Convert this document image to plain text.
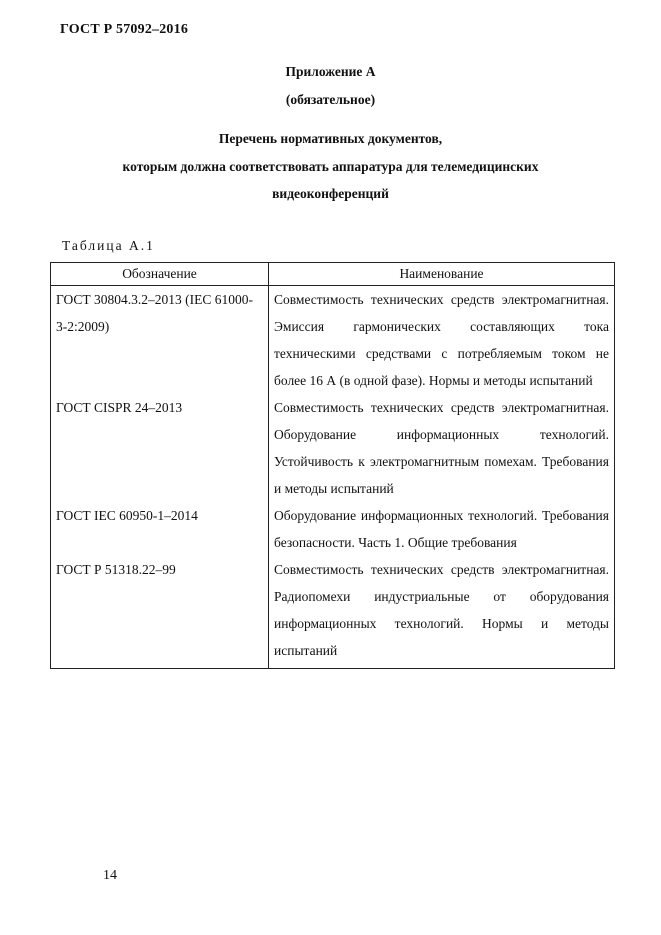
ГОСТ Р 57092–2016
Приложение А
(обязательное)
Перечень нормативных документов,
которым должна соответствовать аппаратура для телемедицинских
видеоконференций
Таблица А.1
Обозначение	Наименование
ГОСТ 30804.3.2–2013 (IEC 61000-3-2:2009)	Совместимость технических средств электромагнитная. Эмиссия гармонических составляющих тока техническими средствами с потребляемым током не более 16 А (в одной фазе). Нормы и методы испытаний
ГОСТ CISPR 24–2013	Совместимость технических средств электромагнитная. Оборудование информационных технологий. Устойчивость к электромагнитным помехам. Требования и методы испытаний
ГОСТ IEC 60950-1–2014	Оборудование информационных технологий. Требования безопасности. Часть 1. Общие требования
ГОСТ Р 51318.22–99	Совместимость технических средств электромагнитная. Радиопомехи индустриальные от оборудования информационных технологий. Нормы и методы испытаний
14
